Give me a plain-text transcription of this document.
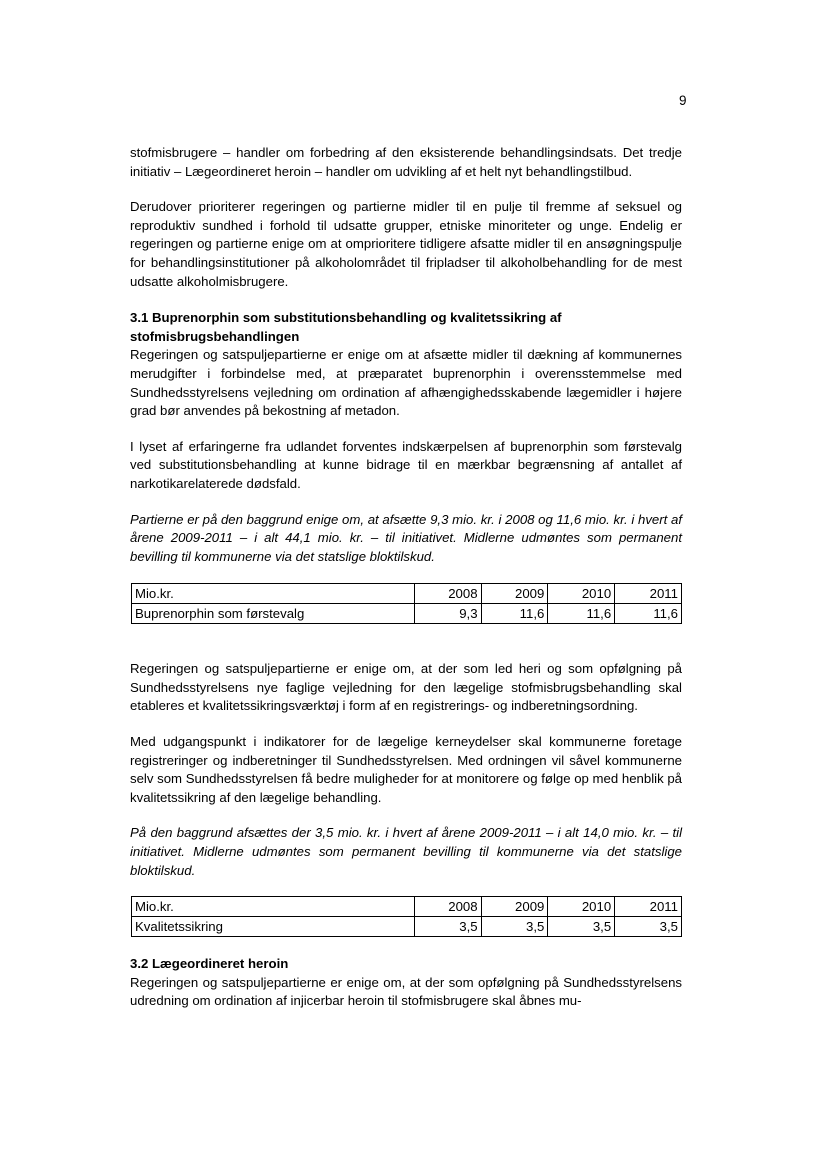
9

stofmisbrugere – handler om forbedring af den eksisterende behandlingsindsats. Det tredje initiativ – Lægeordineret heroin – handler om udvikling af et helt nyt behandlingstilbud.

Derudover prioriterer regeringen og partierne midler til en pulje til fremme af seksuel og reproduktiv sundhed i forhold til udsatte grupper, etniske minoriteter og unge. Endelig er regeringen og partierne enige om at omprioritere tidligere afsatte midler til en ansøgningspulje for behandlingsinstitutioner på alkoholområdet til fripladser til alkoholbehandling for de mest udsatte alkoholmisbrugere.

3.1 Buprenorphin som substitutionsbehandling og kvalitetssikring af stofmisbrugsbehandlingen

Regeringen og satspuljepartierne er enige om at afsætte midler til dækning af kommunernes merudgifter i forbindelse med, at præparatet buprenorphin i overensstemmelse med Sundhedsstyrelsens vejledning om ordination af afhængighedsskabende lægemidler i højere grad bør anvendes på bekostning af metadon.

I lyset af erfaringerne fra udlandet forventes indskærpelsen af buprenorphin som førstevalg ved substitutionsbehandling at kunne bidrage til en mærkbar begrænsning af antallet af narkotikarelaterede dødsfald.

Partierne er på den baggrund enige om, at afsætte 9,3 mio. kr. i 2008 og 11,6 mio. kr. i hvert af årene 2009-2011 – i alt 44,1 mio. kr. – til initiativet. Midlerne udmøntes som permanent bevilling til kommunerne via det statslige bloktilskud.

Mio.kr.	2008	2009	2010	2011
Buprenorphin som førstevalg	9,3	11,6	11,6	11,6

Regeringen og satspuljepartierne er enige om, at der som led heri og som opfølgning på Sundhedsstyrelsens nye faglige vejledning for den lægelige stofmisbrugsbehandling skal etableres et kvalitetssikringsværktøj i form af en registrerings- og indberetningsordning.

Med udgangspunkt i indikatorer for de lægelige kerneydelser skal kommunerne foretage registreringer og indberetninger til Sundhedsstyrelsen. Med ordningen vil såvel kommunerne selv som Sundhedsstyrelsen få bedre muligheder for at monitorere og følge op med henblik på kvalitetssikring af den lægelige behandling.

På den baggrund afsættes der 3,5 mio. kr. i hvert af årene 2009-2011 – i alt 14,0 mio. kr. – til initiativet. Midlerne udmøntes som permanent bevilling til kommunerne via det statslige bloktilskud.

Mio.kr.	2008	2009	2010	2011
Kvalitetssikring	3,5	3,5	3,5	3,5
3.2 Lægeordineret heroin

Regeringen og satspuljepartierne er enige om, at der som opfølgning på Sundhedsstyrelsens udredning om ordination af injicerbar heroin til stofmisbrugere skal åbnes mu-
